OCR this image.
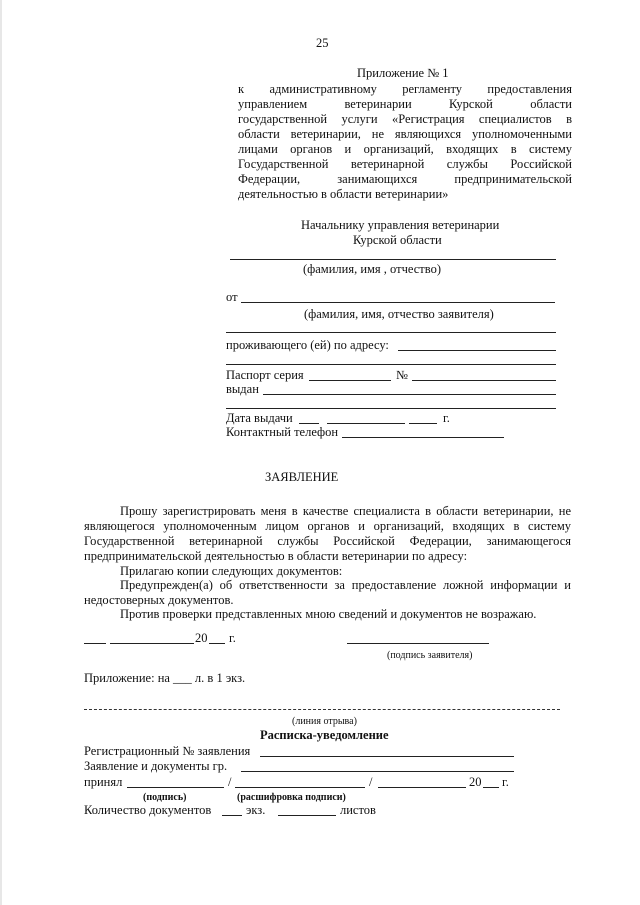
25
Приложение № 1
к административному регламенту предоставления
управлением ветеринарии Курской области
государственной услуги «Регистрация специалистов в
области ветеринарии, не являющихся уполномоченными
лицами органов и организаций, входящих в систему
Государственной ветеринарной службы Российской
Федерации, занимающихся предпринимательской
деятельностью в области ветеринарии»
Начальнику управления ветеринарии
Курской области
(фамилия, имя , отчество)
от
(фамилия, имя, отчество заявителя)
проживающего (ей) по адресу:
Паспорт серия	№
выдан
Дата выдачи	г.
Контактный телефон
ЗАЯВЛЕНИЕ
Прошу зарегистрировать меня в качестве специалиста в области ветеринарии, не
являющегося уполномоченным лицом органов и организаций, входящих в систему
Государственной ветеринарной службы Российской Федерации, занимающегося
предпринимательской деятельностью в области ветеринарии по адресу:
Прилагаю копии следующих документов:
Предупрежден(а) об ответственности за предоставление ложной информации и
недостоверных документов.
Против проверки представленных мною сведений и документов не возражаю.
20 г.
(подпись заявителя)
Приложение: на ___ л. в 1 экз.
(линия отрыва)
Расписка-уведомление
Регистрационный № заявления
Заявление и документы гр.
принял	/	/	20 г.
(подпись)	(расшифровка подписи)
Количество документов	экз.	листов
